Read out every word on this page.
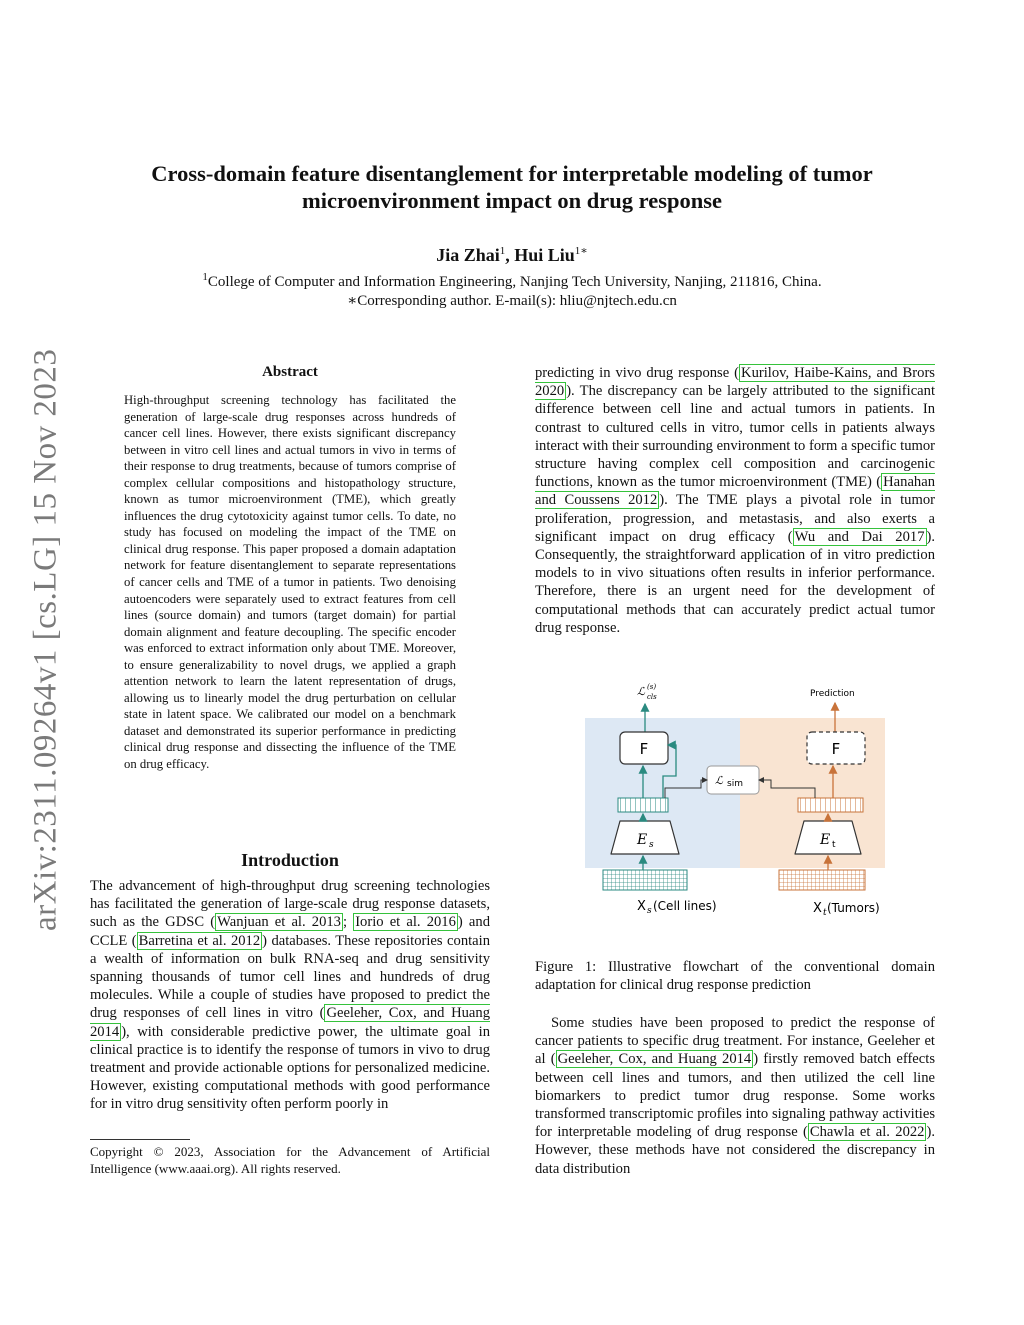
arXiv:2311.09264v1 [cs.LG] 15 Nov 2023
Cross-domain feature disentanglement for interpretable modeling of tumor microenvironment impact on drug response
Jia Zhai$^1$, Hui Liu$^{1∗}$
$^1$College of Computer and Information Engineering, Nanjing Tech University, Nanjing, 211816, China.
∗Corresponding author. E-mail(s): hliu@njtech.edu.cn
Abstract
High-throughput screening technology has facilitated the generation of large-scale drug responses across hundreds of cancer cell lines. However, there exists significant discrepancy between in vitro cell lines and actual tumors in vivo in terms of their response to drug treatments, because of tumors comprise of complex cellular compositions and histopathology structure, known as tumor microenvironment (TME), which greatly influences the drug cytotoxicity against tumor cells. To date, no study has focused on modeling the impact of the TME on clinical drug response. This paper proposed a domain adaptation network for feature disentanglement to separate representations of cancer cells and TME of a tumor in patients. Two denoising autoencoders were separately used to extract features from cell lines (source domain) and tumors (target domain) for partial domain alignment and feature decoupling. The specific encoder was enforced to extract information only about TME. Moreover, to ensure generalizability to novel drugs, we applied a graph attention network to learn the latent representation of drugs, allowing us to linearly model the drug perturbation on cellular state in latent space. We calibrated our model on a benchmark dataset and demonstrated its superior performance in predicting clinical drug response and dissecting the influence of the TME on drug efficacy.
Introduction
The advancement of high-throughput drug screening technologies has facilitated the generation of large-scale drug response datasets, such as the GDSC ( Wanjuan et al. 2013 ; Iorio et al. 2016 ) and CCLE ( Barretina et al. 2012 ) databases. These repositories contain a wealth of information on bulk RNA-seq and drug sensitivity spanning thousands of tumor cell lines and hundreds of drug molecules. While a couple of studies have proposed to predict the drug responses of cell lines in vitro ( Geeleher, Cox, and Huang 2014 ), with considerable predictive power, the ultimate goal in clinical practice is to identify the response of tumors in vivo to drug treatment and provide actionable options for personalized medicine. However, existing computational methods with good performance for in vitro drug sensitivity often perform poorly in
Copyright © 2023, Association for the Advancement of Artificial Intelligence (www.aaai.org). All rights reserved.
predicting in vivo drug response ( Kurilov, Haibe-Kains, and Brors 2020 ). The discrepancy can be largely attributed to the significant difference between cell line and actual tumors in patients. In contrast to cultured cells in vitro, tumor cells in patients always interact with their surrounding environment to form a specific tumor structure having complex cell composition and carcinogenic functions, known as the tumor microenvironment (TME) ( Hanahan and Coussens 2012 ). The TME plays a pivotal role in tumor proliferation, progression, and metastasis, and also exerts a significant impact on drug efficacy ( Wu and Dai 2017 ). Consequently, the straightforward application of in vitro prediction models to in vivo situations often results in inferior performance. Therefore, there is an urgent need for the development of computational methods that can accurately predict actual tumor drug response.
ℒ (s)
cls	Prediction
F	F
ℒ sim
E s	E t
X s (Cell lines)	X t (Tumors)
Figure 1: Illustrative flowchart of the conventional domain adaptation for clinical drug response prediction
Some studies have been proposed to predict the response of cancer patients to specific drug treatment. For instance, Geeleher et al ( Geeleher, Cox, and Huang 2014 ) firstly removed batch effects between cell lines and tumors, and then utilized the cell line biomarkers to predict tumor drug response. Some works transformed transcriptomic profiles into signaling pathway activities for interpretable modeling of drug response ( Chawla et al. 2022 ). However, these methods have not considered the discrepancy in data distribution
